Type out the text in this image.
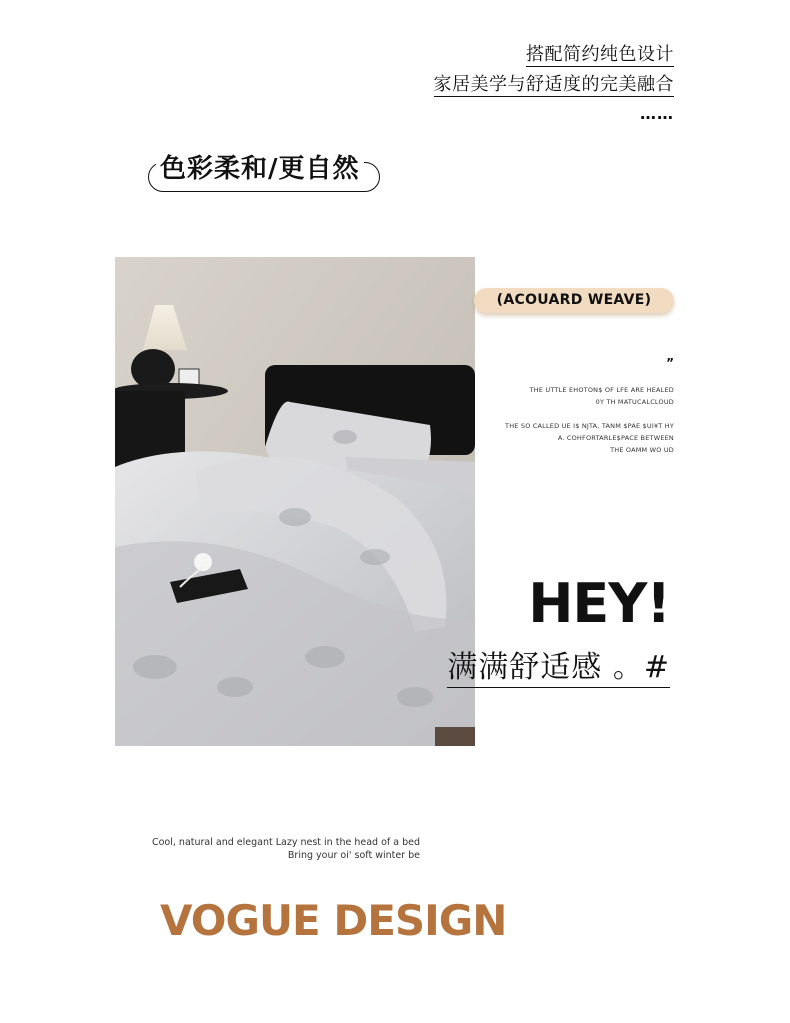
搭配简约纯色设计
家居美学与舒适度的完美融合
……
色彩柔和/更自然
(ACOUARD WEAVE)
”
THE UTTLE EHOTON$ OF LFE ARE HEALED
0Y TH MATUCALCLOUD
THE SO CALLED UE I$ NJTA, TANM $PAE $UI¥T HY
A. COHFORTARLE$PACE BETWEEN
THE OAMM WO UD
HEY!
满满舒适感 。#
Cool, natural and elegant Lazy nest in the head of a bed
Bring your oi' soft winter be
VOGUE DESIGN
